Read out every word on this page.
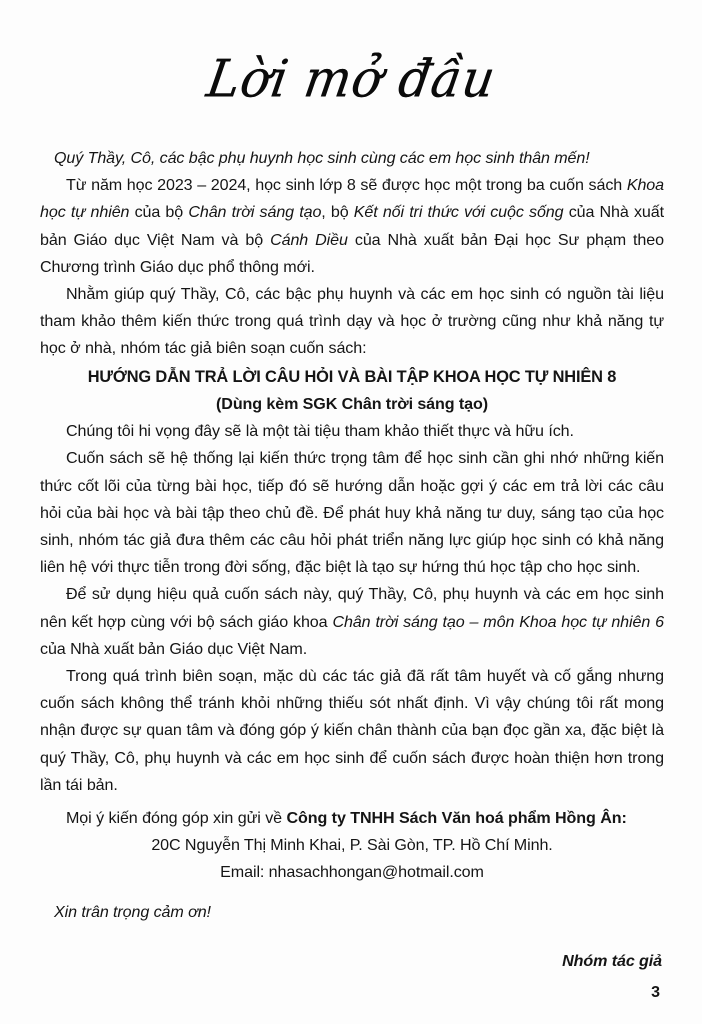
Lời mở đầu

Quý Thầy, Cô, các bậc phụ huynh học sinh cùng các em học sinh thân mến!

Từ năm học 2023 – 2024, học sinh lớp 8 sẽ được học một trong ba cuốn sách Khoa học tự nhiên của bộ Chân trời sáng tạo, bộ Kết nối tri thức với cuộc sống của Nhà xuất bản Giáo dục Việt Nam và bộ Cánh Diều của Nhà xuất bản Đại học Sư phạm theo Chương trình Giáo dục phổ thông mới.

Nhằm giúp quý Thầy, Cô, các bậc phụ huynh và các em học sinh có nguồn tài liệu tham khảo thêm kiến thức trong quá trình dạy và học ở trường cũng như khả năng tự học ở nhà, nhóm tác giả biên soạn cuốn sách:

HƯỚNG DẪN TRẢ LỜI CÂU HỎI VÀ BÀI TẬP KHOA HỌC TỰ NHIÊN 8

(Dùng kèm SGK Chân trời sáng tạo)

Chúng tôi hi vọng đây sẽ là một tài tiệu tham khảo thiết thực và hữu ích.

Cuốn sách sẽ hệ thống lại kiến thức trọng tâm để học sinh cần ghi nhớ những kiến thức cốt lõi của từng bài học, tiếp đó sẽ hướng dẫn hoặc gợi ý các em trả lời các câu hỏi của bài học và bài tập theo chủ đề. Để phát huy khả năng tư duy, sáng tạo của học sinh, nhóm tác giả đưa thêm các câu hỏi phát triển năng lực giúp học sinh có khả năng liên hệ với thực tiễn trong đời sống, đặc biệt là tạo sự hứng thú học tập cho học sinh.

Để sử dụng hiệu quả cuốn sách này, quý Thầy, Cô, phụ huynh và các em học sinh nên kết hợp cùng với bộ sách giáo khoa Chân trời sáng tạo – môn Khoa học tự nhiên 6 của Nhà xuất bản Giáo dục Việt Nam.

Trong quá trình biên soạn, mặc dù các tác giả đã rất tâm huyết và cố gắng nhưng cuốn sách không thể tránh khỏi những thiếu sót nhất định. Vì vậy chúng tôi rất mong nhận được sự quan tâm và đóng góp ý kiến chân thành của bạn đọc gần xa, đặc biệt là quý Thầy, Cô, phụ huynh và các em học sinh để cuốn sách được hoàn thiện hơn trong lần tái bản.

Mọi ý kiến đóng góp xin gửi về Công ty TNHH Sách Văn hoá phẩm Hồng Ân:

20C Nguyễn Thị Minh Khai, P. Sài Gòn, TP. Hồ Chí Minh.

Email: nhasachhongan@hotmail.com

Xin trân trọng cảm ơn!

Nhóm tác giả

3
